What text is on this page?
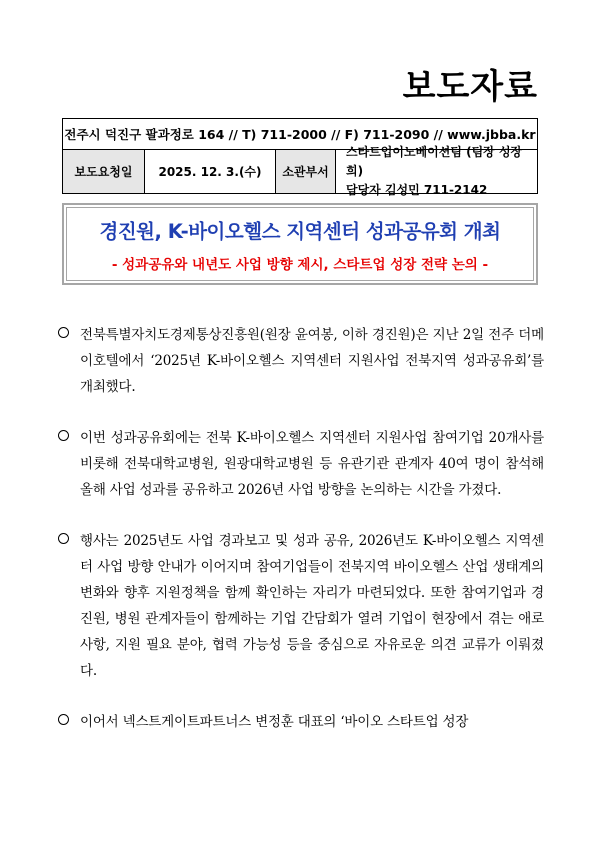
보도자료
전주시 덕진구 팔과정로 164 // T) 711-2000 // F) 711-2090 // www.jbba.kr
보도요청일	2025. 12. 3.(수)	소관부서
스타트업이노베이션팀 (팀장 성장희)
담당자 김성민 711-2142
경진원, K-바이오헬스 지역센터 성과공유회 개최
- 성과공유와 내년도 사업 방향 제시, 스타트업 성장 전략 논의 -
전북특별자치도경제통상진흥원(원장 윤여봉, 이하 경진원)은 지난 2일 전주 더메이호텔에서 ‘2025년 K-바이오헬스 지역센터 지원사업 전북지역 성과공유회’를 개최했다.
이번 성과공유회에는 전북 K-바이오헬스 지역센터 지원사업 참여기업 20개사를 비롯해 전북대학교병원, 원광대학교병원 등 유관기관 관계자 40여 명이 참석해 올해 사업 성과를 공유하고 2026년 사업 방향을 논의하는 시간을 가졌다.
행사는 2025년도 사업 경과보고 및 성과 공유, 2026년도 K-바이오헬스 지역센터 사업 방향 안내가 이어지며 참여기업들이 전북지역 바이오헬스 산업 생태계의 변화와 향후 지원정책을 함께 확인하는 자리가 마련되었다. 또한 참여기업과 경진원, 병원 관계자들이 함께하는 기업 간담회가 열려 기업이 현장에서 겪는 애로사항, 지원 필요 분야, 협력 가능성 등을 중심으로 자유로운 의견 교류가 이뤄졌다.
이어서 넥스트게이트파트너스 변정훈 대표의 ‘바이오 스타트업 성장
